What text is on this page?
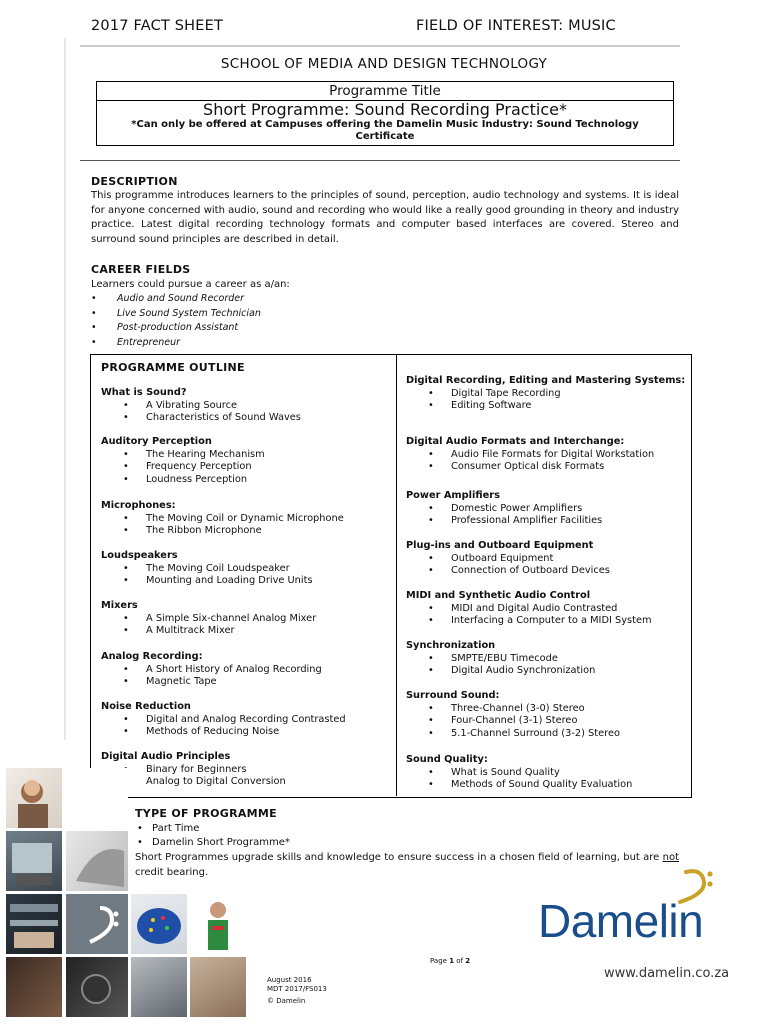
2017 FACT SHEET	FIELD OF INTEREST: MUSIC
SCHOOL OF MEDIA AND DESIGN TECHNOLOGY
Programme Title
Short Programme: Sound Recording Practice*
*Can only be offered at Campuses offering the Damelin Music Industry: Sound Technology Certificate
DESCRIPTION
This programme introduces learners to the principles of sound, perception, audio technology and systems. It is ideal for anyone concerned with audio, sound and recording who would like a really good grounding in theory and industry practice. Latest digital recording technology formats and computer based interfaces are covered. Stereo and surround sound principles are described in detail.
CAREER FIELDS
Learners could pursue a career as a/an:
• Audio and Sound Recorder
• Live Sound System Technician
• Post-production Assistant
• Entrepreneur
PROGRAMME OUTLINE
What is Sound?
• A Vibrating Source
• Characteristics of Sound Waves
Auditory Perception
• The Hearing Mechanism
• Frequency Perception
• Loudness Perception
Microphones:
• The Moving Coil or Dynamic Microphone
• The Ribbon Microphone
Loudspeakers
• The Moving Coil Loudspeaker
• Mounting and Loading Drive Units
Mixers
• A Simple Six-channel Analog Mixer
• A Multitrack Mixer
Analog Recording:
• A Short History of Analog Recording
• Magnetic Tape
Noise Reduction
• Digital and Analog Recording Contrasted
• Methods of Reducing Noise
Digital Audio Principles
• Binary for Beginners
• Analog to Digital Conversion
Digital Recording, Editing and Mastering Systems:
• Digital Tape Recording
• Editing Software
Digital Audio Formats and Interchange:
• Audio File Formats for Digital Workstation
• Consumer Optical disk Formats
Power Amplifiers
• Domestic Power Amplifiers
• Professional Amplifier Facilities
Plug-ins and Outboard Equipment
• Outboard Equipment
• Connection of Outboard Devices
MIDI and Synthetic Audio Control
• MIDI and Digital Audio Contrasted
• Interfacing a Computer to a MIDI System
Synchronization
• SMPTE/EBU Timecode
• Digital Audio Synchronization
Surround Sound:
• Three-Channel (3-0) Stereo
• Four-Channel (3-1) Stereo
• 5.1-Channel Surround (3-2) Stereo
Sound Quality:
• What is Sound Quality
• Methods of Sound Quality Evaluation
TYPE OF PROGRAMME
• Part Time
• Damelin Short Programme*
Short Programmes upgrade skills and knowledge to ensure success in a chosen field of learning, but are not credit bearing.
Damelin
www.damelin.co.za
Page 1 of 2
August 2016
MDT 2017/FS013
© Damelin
